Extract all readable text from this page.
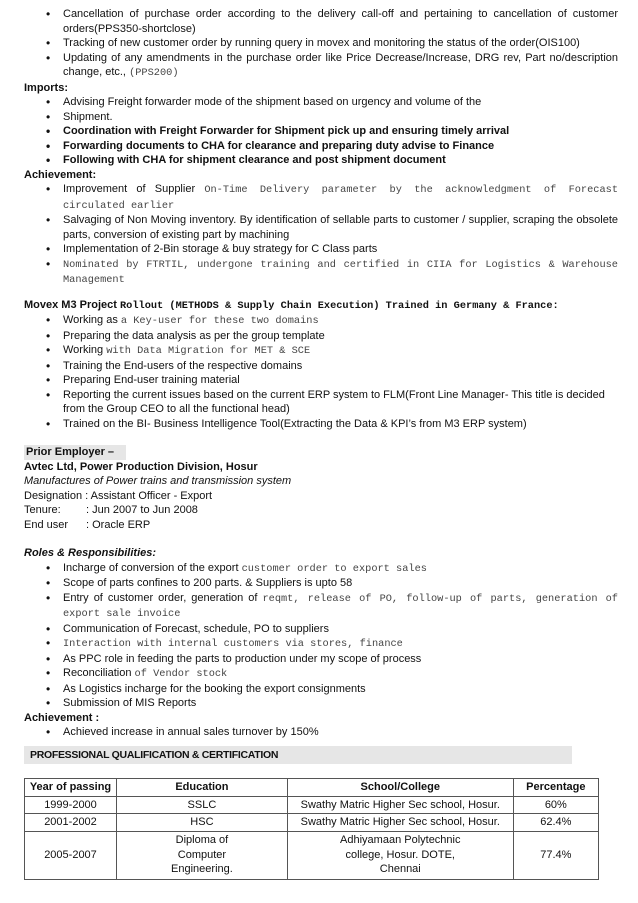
• Cancellation of purchase order according to the delivery call-off and pertaining to cancellation of customer orders(PPS350-shortclose)
• Tracking of new customer order by running query in movex and monitoring the status of the order(OIS100)
• Updating of any amendments in the purchase order like Price Decrease/Increase, DRG rev, Part no/description change, etc., (PPS200)
Imports:
• Advising Freight forwarder mode of the shipment based on urgency and volume of the
• Shipment.
• Coordination with Freight Forwarder for Shipment pick up and ensuring timely arrival
• Forwarding documents to CHA for clearance and preparing duty advise to Finance
• Following with CHA for shipment clearance and post shipment document
Achievement:
• Improvement of Supplier On-Time Delivery parameter by the acknowledgment of Forecast circulated earlier
• Salvaging of Non Moving inventory. By identification of sellable parts to customer / supplier, scraping the obsolete parts, conversion of existing part by machining
• Implementation of 2-Bin storage & buy strategy for C Class parts
• Nominated by FTRTIL, undergone training and certified in CIIA for Logistics & Warehouse Management
Movex M3 Project Rollout (METHODS & Supply Chain Execution) Trained in Germany & France:
• Working as a Key-user for these two domains
• Preparing the data analysis as per the group template
• Working with Data Migration for MET & SCE
• Training the End-users of the respective domains
• Preparing End-user training material
• Reporting the current issues based on the current ERP system to FLM(Front Line Manager- This title is decided from the Group CEO to all the functional head)
• Trained on the BI- Business Intelligence Tool(Extracting the Data & KPI’s from M3 ERP system)
Prior Employer –
Avtec Ltd, Power Production Division, Hosur
Manufactures of Power trains and transmission system
Designation : Assistant Officer - Export
Tenure:	: Jun 2007 to Jun 2008
End user	: Oracle ERP
Roles & Responsibilities:
• Incharge of conversion of the export customer order to export sales
• Scope of parts confines to 200 parts. & Suppliers is upto 58
• Entry of customer order, generation of reqmt, release of PO, follow-up of parts, generation of export sale invoice
• Communication of Forecast, schedule, PO to suppliers
• Interaction with internal customers via stores, finance
• As PPC role in feeding the parts to production under my scope of process
• Reconciliation of Vendor stock
• As Logistics incharge for the booking the export consignments
• Submission of MIS Reports
Achievement :
• Achieved increase in annual sales turnover by 150%
PROFESSIONAL QUALIFICATION & CERTIFICATION
Year of passing	Education	School/College	Percentage
1999-2000	SSLC	Swathy Matric Higher Sec school, Hosur.	60%
2001-2002	HSC	Swathy Matric Higher Sec school, Hosur.	62.4%
2005-2007	Diploma of Computer Engineering.	Adhiyamaan Polytechnic college, Hosur. DOTE, Chennai	77.4%
